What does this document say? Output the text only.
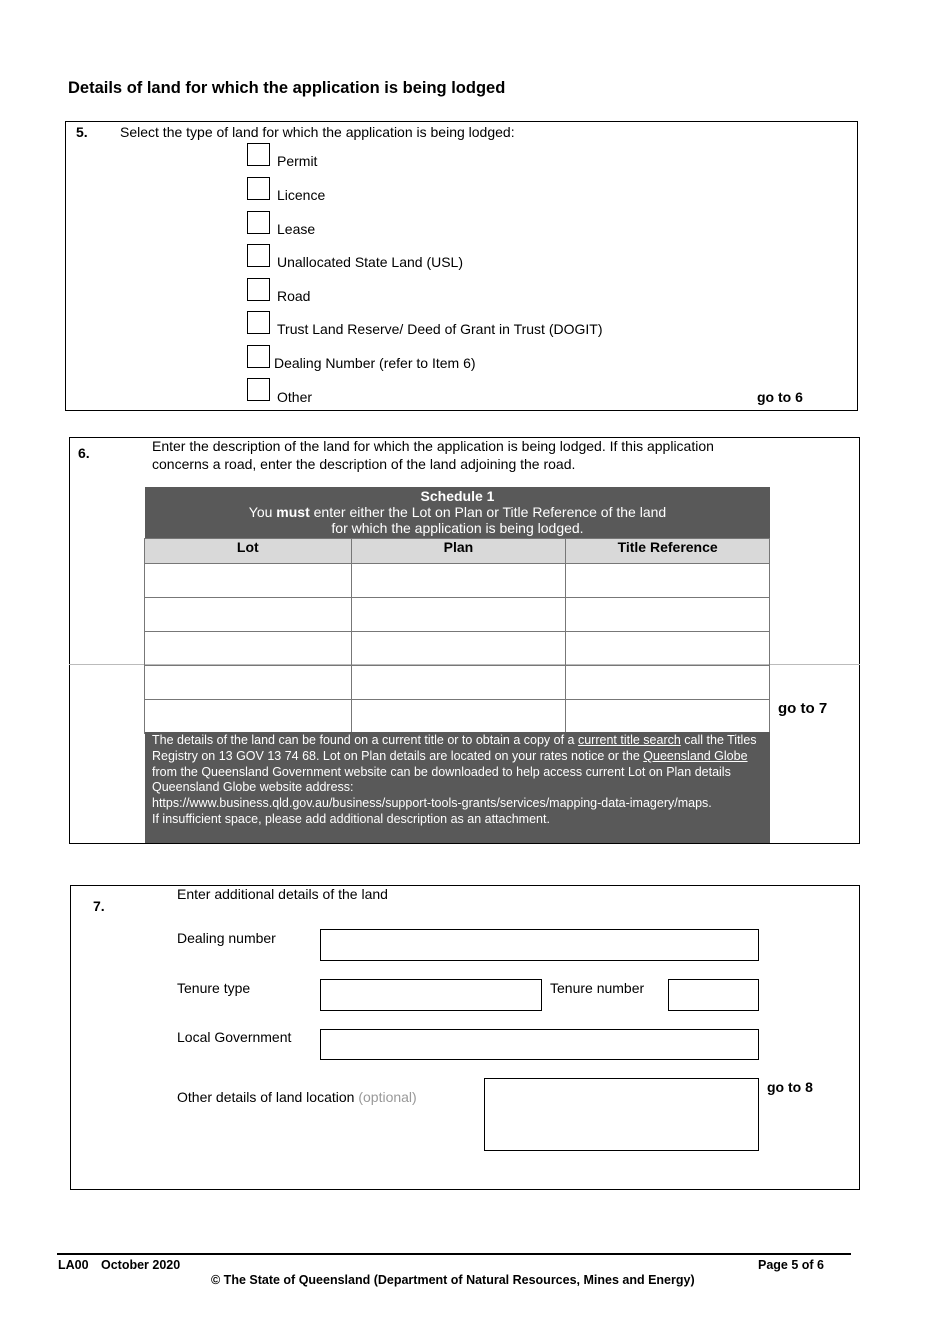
Details of land for which the application is being lodged
5. Select the type of land for which the application is being lodged:
Permit
Licence
Lease
Unallocated State Land (USL)
Road
Trust Land Reserve/ Deed of Grant in Trust (DOGIT)
Dealing Number (refer to Item 6)
Other	go to 6
6.	Enter the description of the land for which the application is being lodged. If this application
concerns a road, enter the description of the land adjoining the road.
Schedule 1
You must enter either the Lot on Plan or Title Reference of the land
for which the application is being lodged.
Lot	Plan	Title Reference

go to 7
The details of the land can be found on a current title or to obtain a copy of a current title search call the Titles Registry on 13 GOV 13 74 68. Lot on Plan details are located on your rates notice or the Queensland Globe from the Queensland Government website can be downloaded to help access current Lot on Plan details
Queensland Globe website address:
https://www.business.qld.gov.au/business/support-tools-grants/services/mapping-data-imagery/maps.
If insufficient space, please add additional description as an attachment.
7.
Enter additional details of the land
Dealing number
Tenure type	Tenure number
Local Government
Other details of land location (optional)
go to 8
LA00 October 2020	Page 5 of 6
© The State of Queensland (Department of Natural Resources, Mines and Energy)
